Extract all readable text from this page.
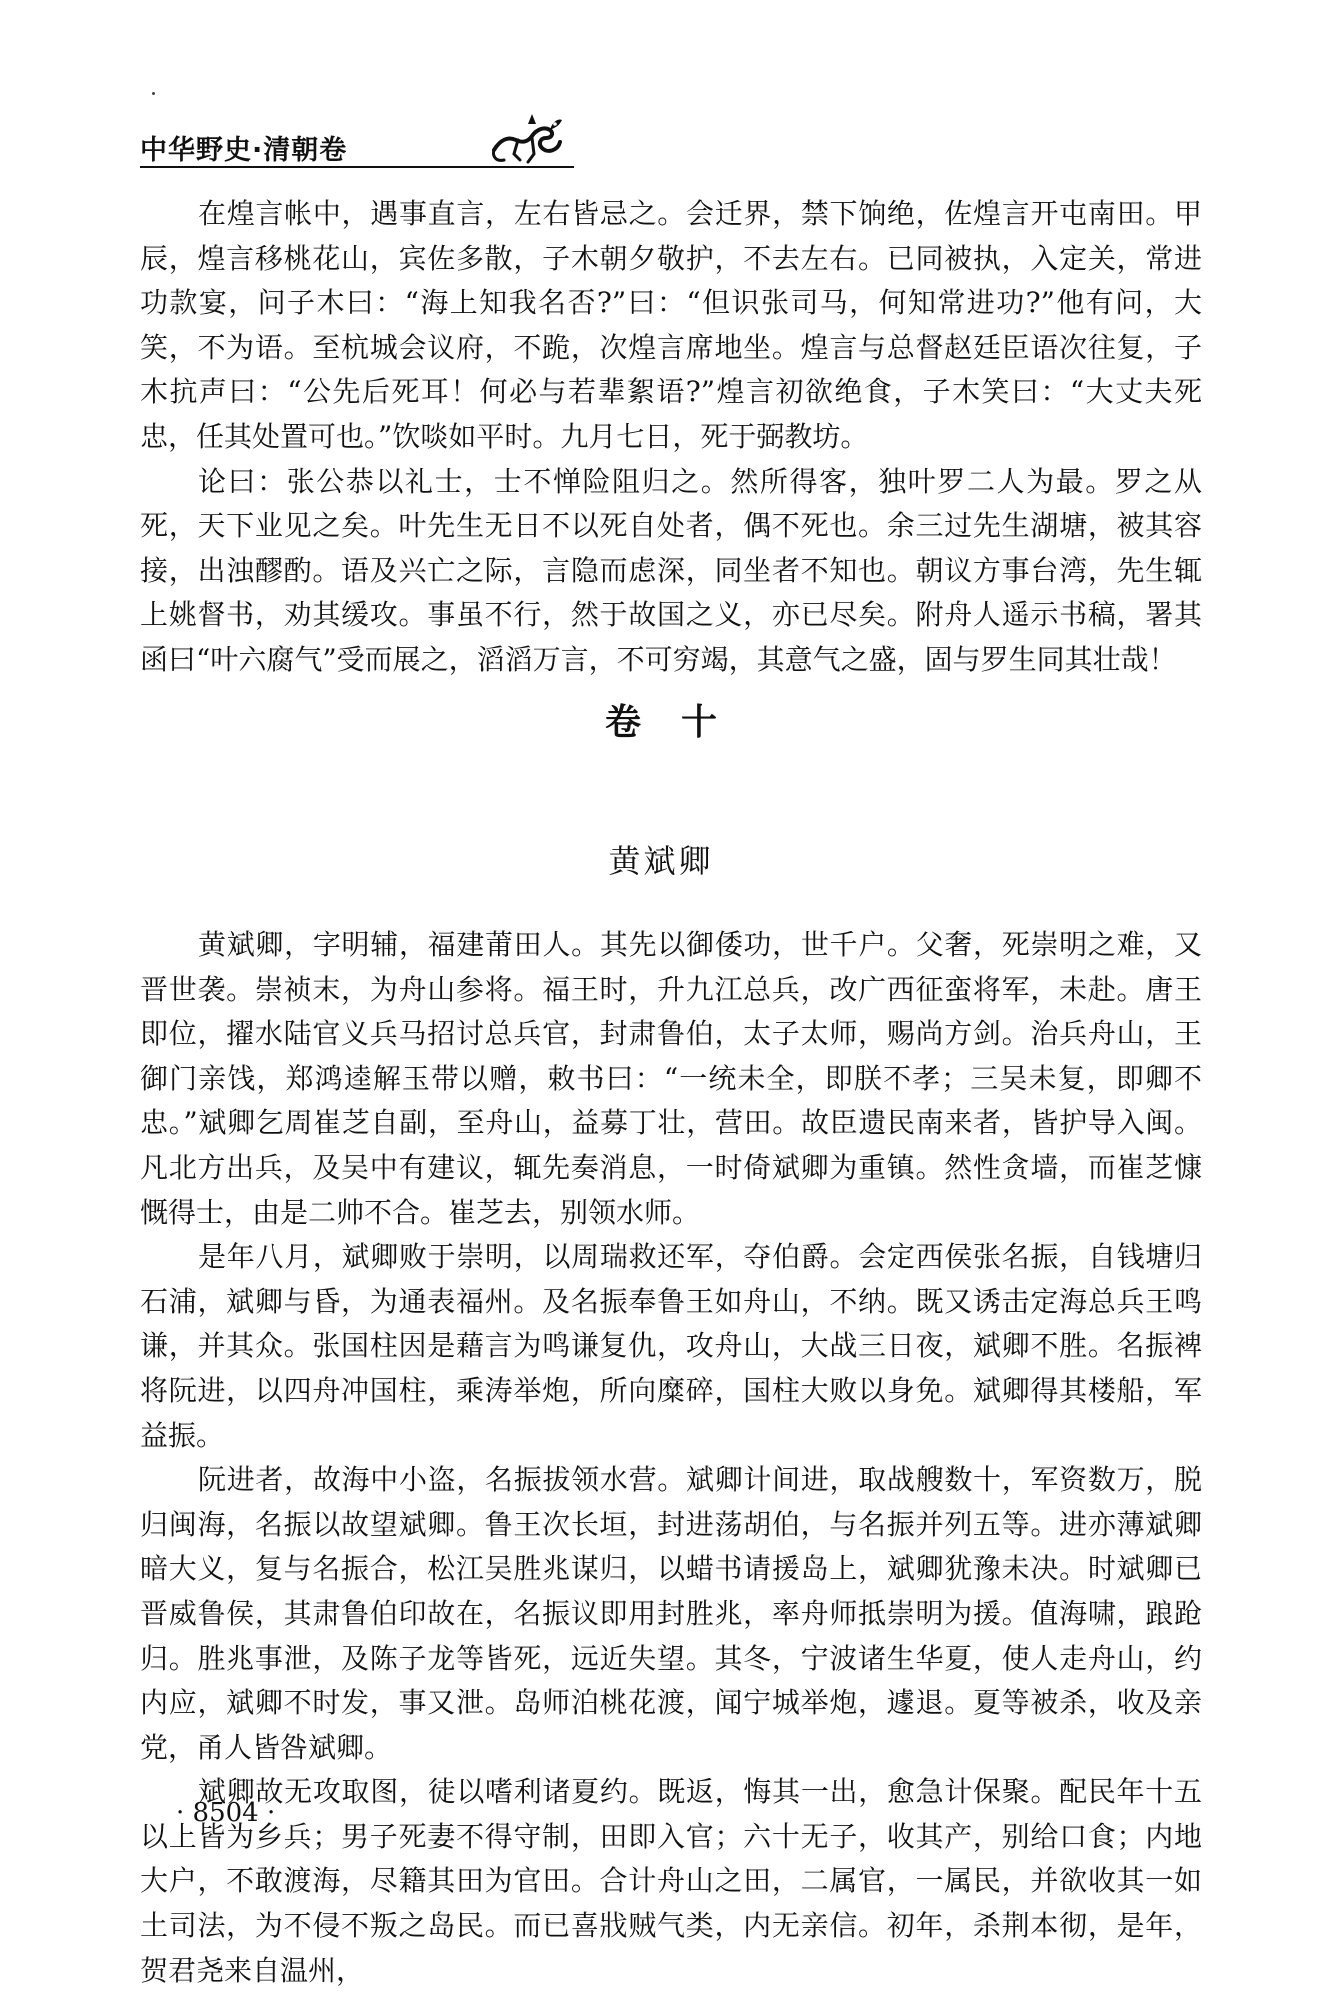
中华野史·清朝卷

在煌言帐中，遇事直言，左右皆忌之。会迁界，禁下饷绝，佐煌言开屯南田。甲辰，煌言移桃花山，宾佐多散，子木朝夕敬护，不去左右。已同被执，入定关，常进功款宴，问子木曰：“海上知我名否?”曰：“但识张司马，何知常进功?”他有问，大笑，不为语。至杭城会议府，不跪，次煌言席地坐。煌言与总督赵廷臣语次往复，子木抗声曰：“公先后死耳！何必与若辈絮语?”煌言初欲绝食，子木笑曰：“大丈夫死忠，任其处置可也。”饮啖如平时。九月七日，死于弼教坊。

论曰：张公恭以礼士，士不惮险阻归之。然所得客，独叶罗二人为最。罗之从死，天下业见之矣。叶先生无日不以死自处者，偶不死也。余三过先生湖塘，被其容接，出浊醪酌。语及兴亡之际，言隐而虑深，同坐者不知也。朝议方事台湾，先生辄上姚督书，劝其缓攻。事虽不行，然于故国之义，亦已尽矣。附舟人遥示书稿，署其函曰“叶六腐气”受而展之，滔滔万言，不可穷竭，其意气之盛，固与罗生同其壮哉！

卷十
黄斌卿

黄斌卿，字明辅，福建莆田人。其先以御倭功，世千户。父奢，死崇明之难，又晋世袭。崇祯末，为舟山参将。福王时，升九江总兵，改广西征蛮将军，未赴。唐王即位，擢水陆官义兵马招讨总兵官，封肃鲁伯，太子太师，赐尚方剑。治兵舟山，王御门亲饯，郑鸿逵解玉带以赠，敕书曰：“一统未全，即朕不孝；三吴未复，即卿不忠。”斌卿乞周崔芝自副，至舟山，益募丁壮，营田。故臣遗民南来者，皆护导入闽。凡北方出兵，及吴中有建议，辄先奏消息，一时倚斌卿为重镇。然性贪墙，而崔芝慷慨得士，由是二帅不合。崔芝去，别领水师。

是年八月，斌卿败于崇明，以周瑞救还军，夺伯爵。会定西侯张名振，自钱塘归石浦，斌卿与昏，为通表福州。及名振奉鲁王如舟山，不纳。既又诱击定海总兵王鸣谦，并其众。张国柱因是藉言为鸣谦复仇，攻舟山，大战三日夜，斌卿不胜。名振裨将阮进，以四舟冲国柱，乘涛举炮，所向糜碎，国柱大败以身免。斌卿得其楼船，军益振。

阮进者，故海中小盗，名振拔领水营。斌卿计间进，取战艘数十，军资数万，脱归闽海，名振以故望斌卿。鲁王次长垣，封进荡胡伯，与名振并列五等。进亦薄斌卿暗大义，复与名振合，松江吴胜兆谋归，以蜡书请援岛上，斌卿犹豫未决。时斌卿已晋威鲁侯，其肃鲁伯印故在，名振议即用封胜兆，率舟师抵崇明为援。值海啸，踉跄归。胜兆事泄，及陈子龙等皆死，远近失望。其冬，宁波诸生华夏，使人走舟山，约内应，斌卿不时发，事又泄。岛师泊桃花渡，闻宁城举炮，遽退。夏等被杀，收及亲党，甬人皆咎斌卿。

斌卿故无攻取图，徒以嗜利诸夏约。既返，悔其一出，愈急计保聚。配民年十五以上皆为乡兵；男子死妻不得守制，田即入官；六十无子，收其产，别给口食；内地大户，不敢渡海，尽籍其田为官田。合计舟山之田，二属官，一属民，并欲收其一如土司法，为不侵不叛之岛民。而已喜戕贼气类，内无亲信。初年，杀荆本彻，是年，贺君尧来自温州，

· 8504 ·
